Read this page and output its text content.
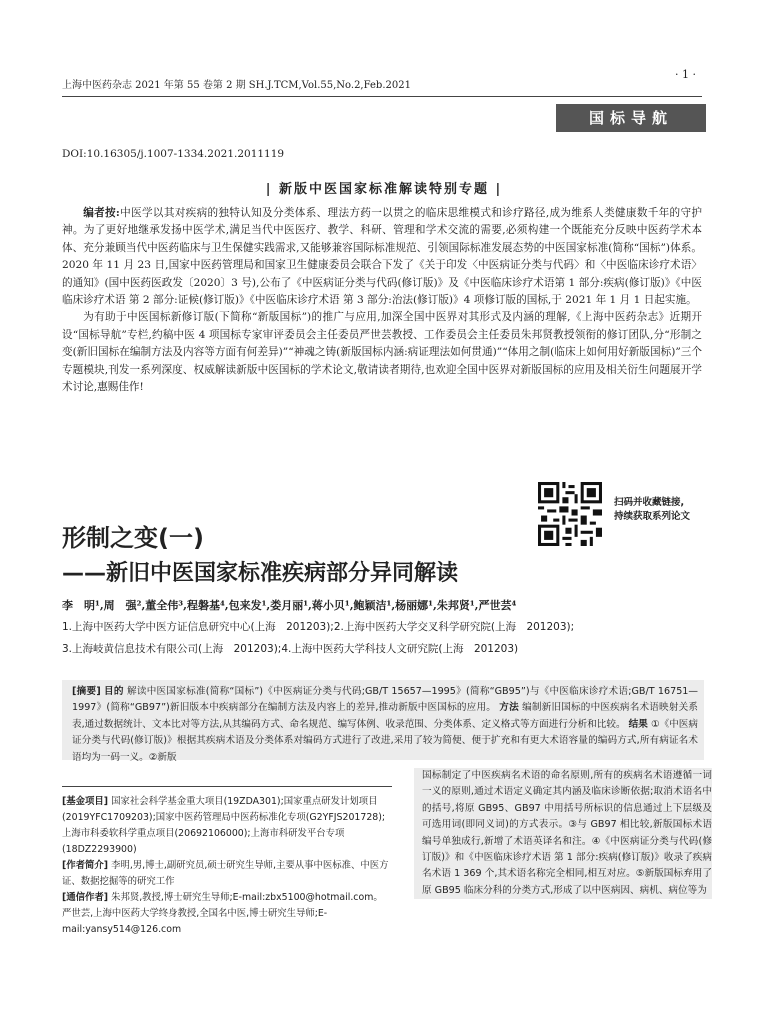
上海中医药杂志 2021 年第 55 卷第 2 期 SH.J.TCM,Vol.55,No.2,Feb.2021
· 1 ·
国标导航
DOI:10.16305/j.1007-1334.2021.2011119
| 新版中医国家标准解读特别专题 |

编者按:中医学以其对疾病的独特认知及分类体系、理法方药一以贯之的临床思维模式和诊疗路径,成为维系人类健康数千年的守护神。为了更好地继承发扬中医学术,满足当代中医医疗、教学、科研、管理和学术交流的需要,必须构建一个既能充分反映中医药学术本体、充分兼顾当代中医药临床与卫生保健实践需求,又能够兼容国际标准规范、引领国际标准发展态势的中医国家标准(简称“国标”)体系。2020 年 11 月 23 日,国家中医药管理局和国家卫生健康委员会联合下发了《关于印发〈中医病证分类与代码〉和〈中医临床诊疗术语〉的通知》(国中医药医政发〔2020〕3 号),公布了《中医病证分类与代码(修订版)》及《中医临床诊疗术语第 1 部分:疾病(修订版)》《中医临床诊疗术语 第 2 部分:证候(修订版)》《中医临床诊疗术语 第 3 部分:治法(修订版)》4 项修订版的国标,于 2021 年 1 月 1 日起实施。

为有助于中医国标新修订版(下简称“新版国标”)的推广与应用,加深全国中医界对其形式及内涵的理解,《上海中医药杂志》近期开设“国标导航”专栏,约稿中医 4 项国标专家审评委员会主任委员严世芸教授、工作委员会主任委员朱邦贤教授领衔的修订团队,分“形制之变(新旧国标在编制方法及内容等方面有何差异)”“神魂之铸(新版国标内涵:病证理法如何贯通)”“体用之制(临床上如何用好新版国标)”三个专题模块,刊发一系列深度、权威解读新版中医国标的学术论文,敬请读者期待,也欢迎全国中医界对新版国标的应用及相关衍生问题展开学术讨论,惠赐佳作!

扫码并收藏链接,
持续获取系列论文
形制之变(一)
——新旧中医国家标准疾病部分异同解读
李　明¹,周　强²,董全伟³,程磐基⁴,包来发¹,娄月丽¹,蒋小贝¹,鲍颖洁¹,杨丽娜¹,朱邦贤¹,严世芸⁴
1.上海中医药大学中医方证信息研究中心(上海　201203);2.上海中医药大学交叉科学研究院(上海　201203);
3.上海岐黄信息技术有限公司(上海　201203);4.上海中医药大学科技人文研究院(上海　201203)
[摘要] 目的 解读中医国家标准(简称“国标”)《中医病证分类与代码;GB/T 15657—1995》(简称“GB95”)与《中医临床诊疗术语;GB/T 16751—1997》(简称“GB97”)新旧版本中疾病部分在编制方法及内容上的差异,推动新版中医国标的应用。 方法 编制新旧国标的中医疾病名术语映射关系表,通过数据统计、文本比对等方法,从其编码方式、命名规范、编写体例、收录范围、分类体系、定义格式等方面进行分析和比较。 结果 ①《中医病证分类与代码(修订版)》根据其疾病术语及分类体系对编码方式进行了改进,采用了较为简便、便于扩充和有更大术语容量的编码方式,所有病证名术语均为一码一义。②新版
国标制定了中医疾病名术语的命名原则,所有的疾病名术语遵循一词一义的原则,通过术语定义确定其内涵及临床诊断依据;取消术语名中的括号,将原 GB95、GB97 中用括号所标识的信息通过上下层级及可选用词(即同义词)的方式表示。③与 GB97 相比较,新版国标术语编号单独成行,新增了术语英译名和注。④《中医病证分类与代码(修订版)》和《中医临床诊疗术语 第 1 部分:疾病(修订版)》收录了疾病名术语 1 369 个,其术语名称完全相同,相互对应。⑤新版国标弃用了原 GB95 临床分科的分类方式,形成了以中医病因、病机、病位等为

[基金项目] 国家社会科学基金重大项目(19ZDA301);国家重点研发计划项目(2019YFC1709203);国家中医药管理局中医药标准化专项(G2YFJS201728);上海市科委软科学重点项目(20692106000);上海市科研发平台专项(18DZ2293900)

[作者简介] 李明,男,博士,副研究员,硕士研究生导师,主要从事中医标准、中医方证、数据挖掘等的研究工作

[通信作者] 朱邦贤,教授,博士研究生导师;E-mail:zbx5100@hotmail.com。严世芸,上海中医药大学终身教授,全国名中医,博士研究生导师;E-mail:yansy514@126.com
